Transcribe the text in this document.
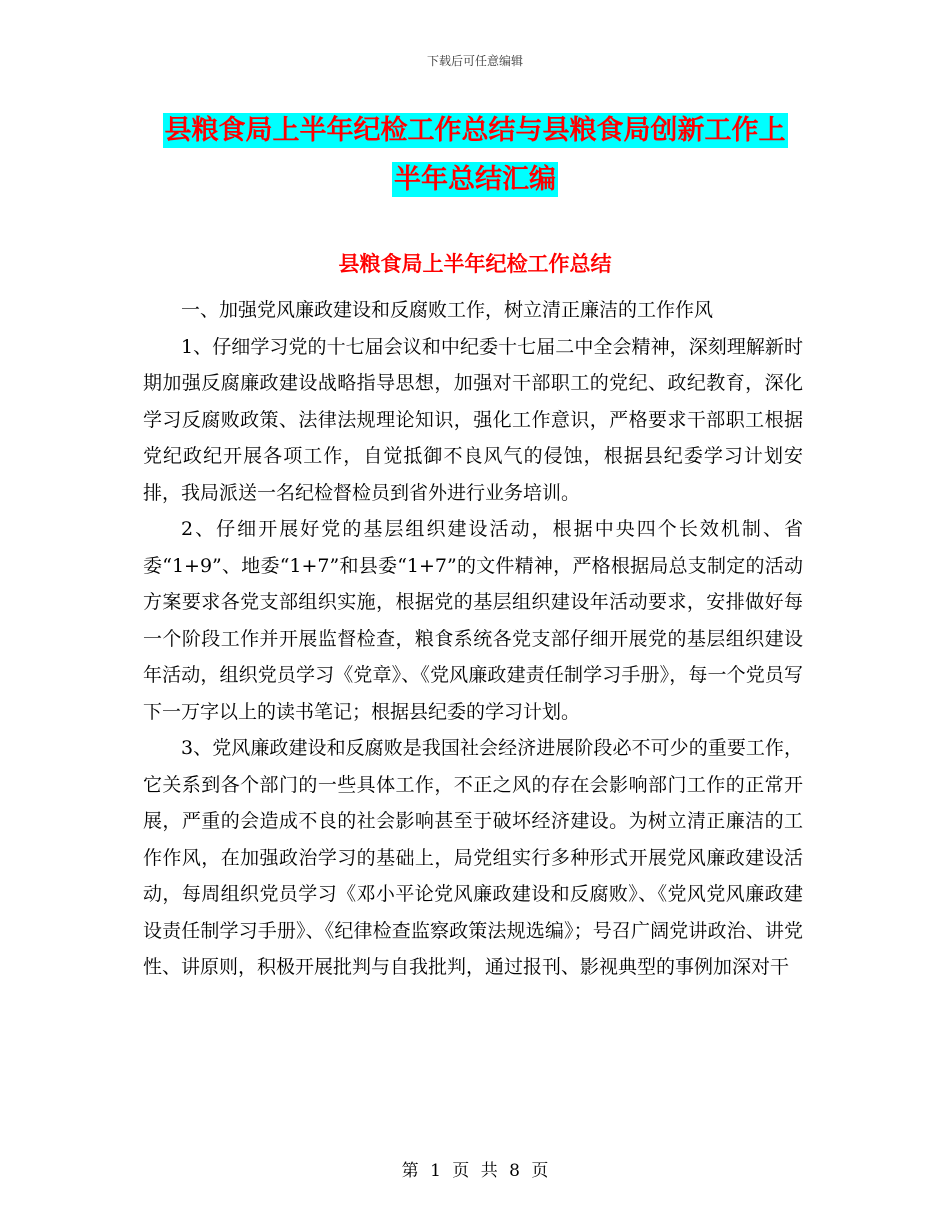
下载后可任意编辑
县粮食局上半年纪检工作总结与县粮食局创新工作上
半年总结汇编
县粮食局上半年纪检工作总结

一、加强党风廉政建设和反腐败工作，树立清正廉洁的工作作风

1、仔细学习党的十七届会议和中纪委十七届二中全会精神，深刻理解新时期加强反腐廉政建设战略指导思想，加强对干部职工的党纪、政纪教育，深化学习反腐败政策、法律法规理论知识，强化工作意识，严格要求干部职工根据党纪政纪开展各项工作，自觉抵御不良风气的侵蚀，根据县纪委学习计划安排，我局派送一名纪检督检员到省外进行业务培训。

2、仔细开展好党的基层组织建设活动，根据中央四个长效机制、省委“1+9”、地委“1+7”和县委“1+7”的文件精神，严格根据局总支制定的活动方案要求各党支部组织实施，根据党的基层组织建设年活动要求，安排做好每一个阶段工作并开展监督检查，粮食系统各党支部仔细开展党的基层组织建设年活动，组织党员学习《党章》、《党风廉政建责任制学习手册》，每一个党员写下一万字以上的读书笔记；根据县纪委的学习计划。

3、党风廉政建设和反腐败是我国社会经济进展阶段必不可少的重要工作，它关系到各个部门的一些具体工作，不正之风的存在会影响部门工作的正常开展，严重的会造成不良的社会影响甚至于破坏经济建设。为树立清正廉洁的工作作风，在加强政治学习的基础上，局党组实行多种形式开展党风廉政建设活动，每周组织党员学习《邓小平论党风廉政建设和反腐败》、《党风党风廉政建设责任制学习手册》、《纪律检查监察政策法规选编》；号召广阔党讲政治、讲党性、讲原则，积极开展批判与自我批判，通过报刊、影视典型的事例加深对干

第 1 页 共 8 页
